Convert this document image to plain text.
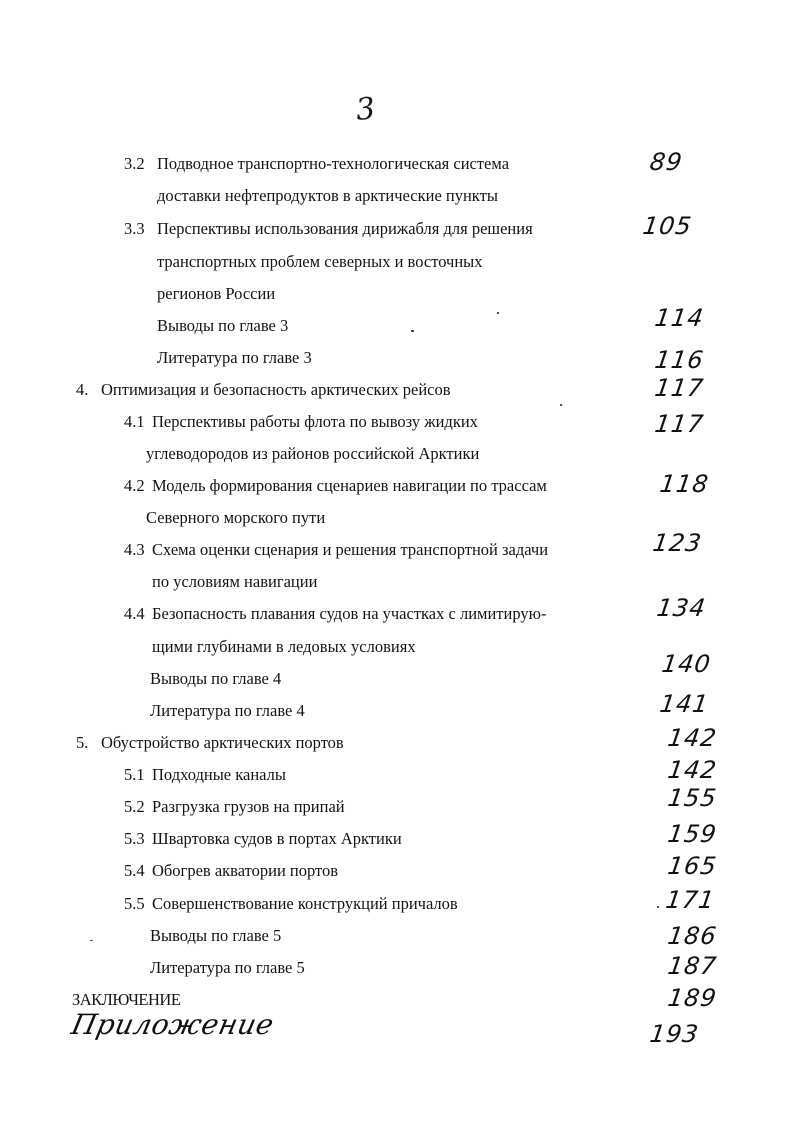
3
3.2 Подводное транспортно-технологическая система
доставки нефтепродуктов в арктические пункты
3.3 Перспективы использования дирижабля для решения
транспортных проблем северных и восточных
регионов России
Выводы по главе 3
Литература по главе 3
4. Оптимизация и безопасность арктических рейсов
4.1 Перспективы работы флота по вывозу жидких
углеводородов из районов российской Арктики
4.2 Модель формирования сценариев навигации по трассам
Северного морского пути
4.3 Схема оценки сценария и решения транспортной задачи
по условиям навигации
4.4 Безопасность плавания судов на участках с лимитирую-
щими глубинами в ледовых условиях
Выводы по главе 4
Литература по главе 4
5. Обустройство арктических портов
5.1 Подходные каналы
5.2 Разгрузка грузов на припай
5.3 Швартовка судов в портах Арктики
5.4 Обогрев акватории портов
5.5 Совершенствование конструкций причалов
Выводы по главе 5
Литература по главе 5
ЗАКЛЮЧЕНИЕ
Приложение
89
105
114
116
117
117
118
123
134
140
141
142
142
155
159
165
171
186
187
189
193
